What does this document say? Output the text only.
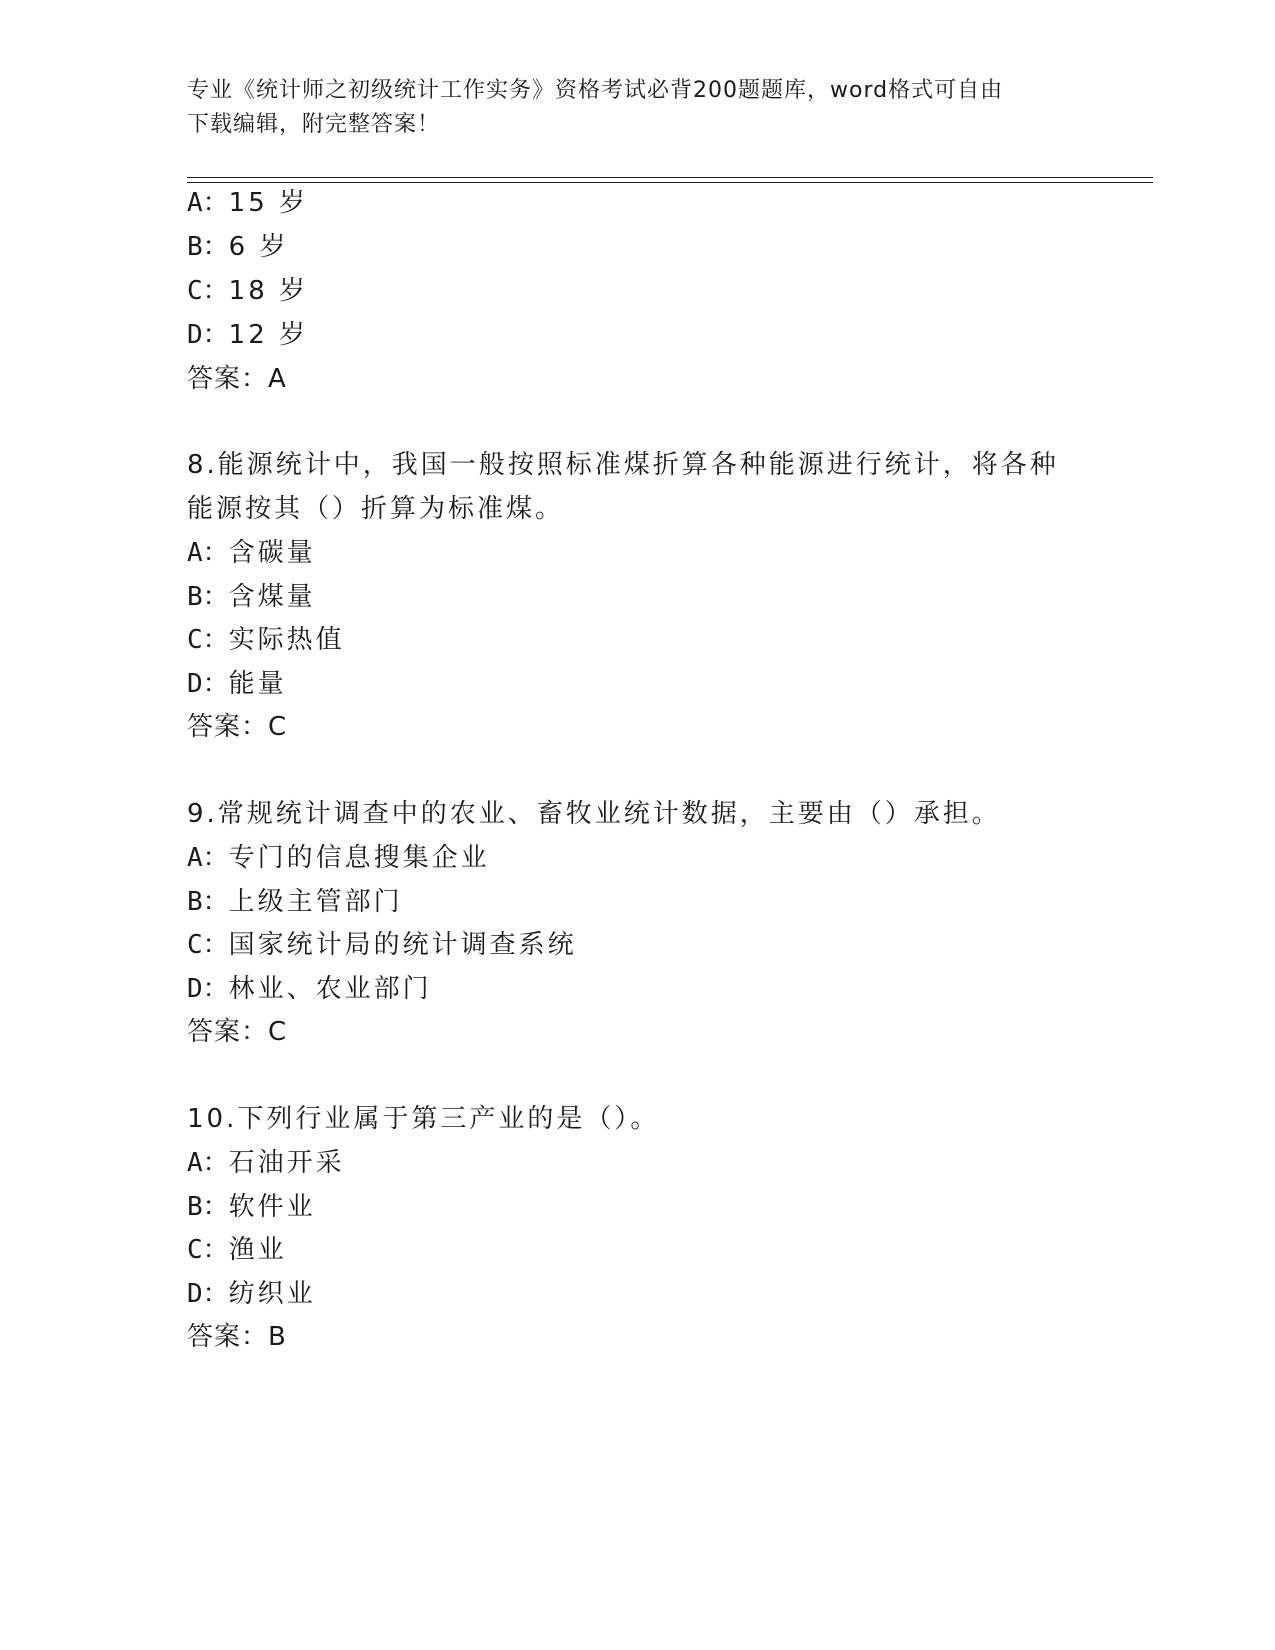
专业《统计师之初级统计工作实务》资格考试必背200题题库，word格式可自由
下载编辑，附完整答案！
A：15 岁
B：6 岁
C：18 岁
D：12 岁
答案：A
8.能源统计中，我国一般按照标准煤折算各种能源进行统计，将各种
能源按其（）折算为标准煤。
A：含碳量
B：含煤量
C：实际热值
D：能量
答案：C
9.常规统计调查中的农业、畜牧业统计数据，主要由（）承担。
A：专门的信息搜集企业
B：上级主管部门
C：国家统计局的统计调查系统
D：林业、农业部门
答案：C
10.下列行业属于第三产业的是（）。
A：石油开采
B：软件业
C：渔业
D：纺织业
答案：B
